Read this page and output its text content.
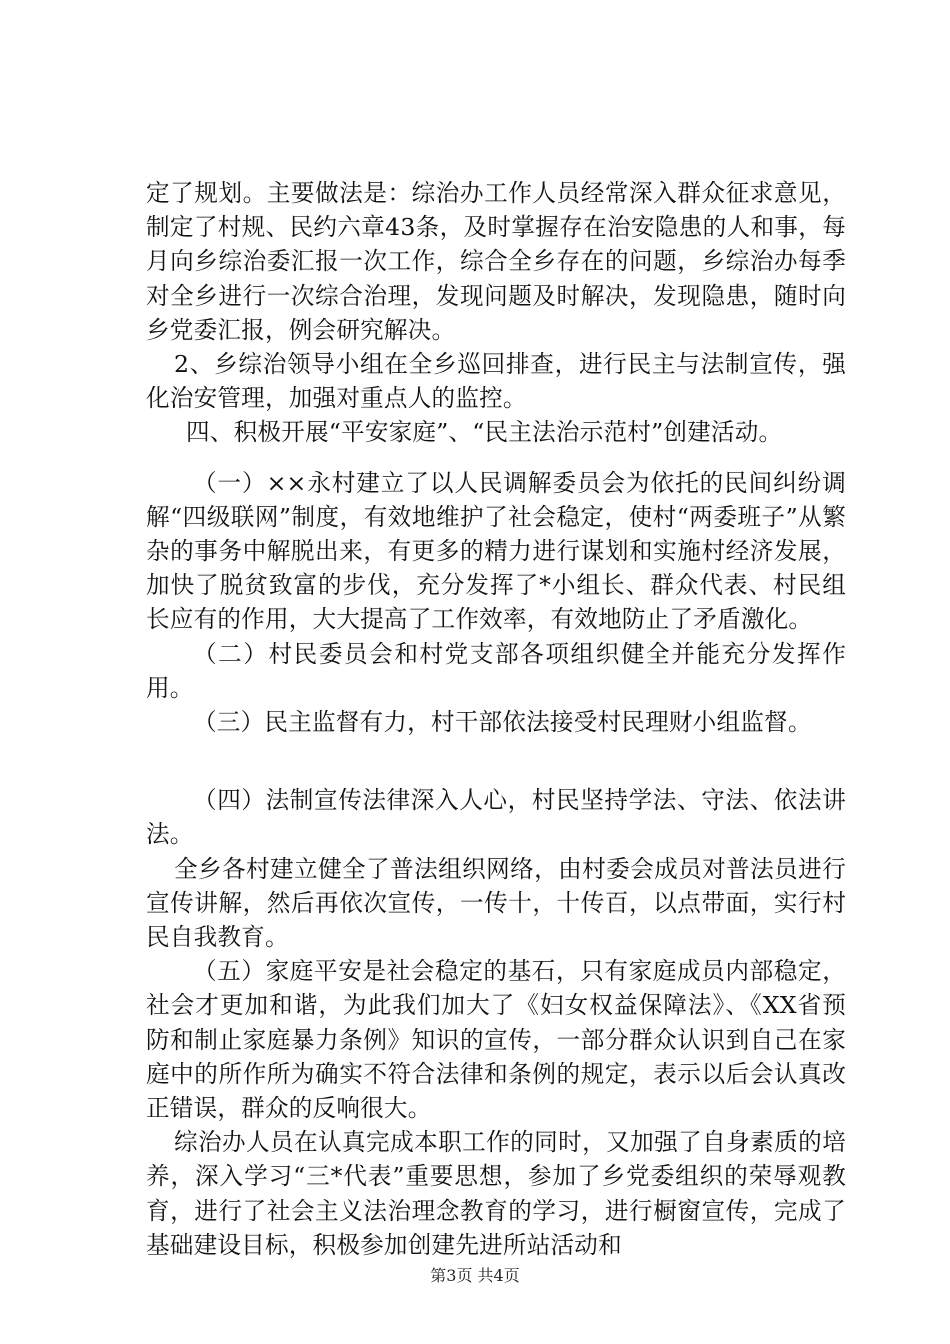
定了规划。主要做法是：综治办工作人员经常深入群众征求意见，制定了村规、民约六章43条，及时掌握存在治安隐患的人和事，每月向乡综治委汇报一次工作，综合全乡存在的问题，乡综治办每季对全乡进行一次综合治理，发现问题及时解决，发现隐患，随时向乡党委汇报，例会研究解决。

2、乡综治领导小组在全乡巡回排查，进行民主与法制宣传，强化治安管理，加强对重点人的监控。

四、积极开展“平安家庭”、“民主法治示范村”创建活动。

（一）××永村建立了以人民调解委员会为依托的民间纠纷调解“四级联网”制度，有效地维护了社会稳定，使村“两委班子”从繁杂的事务中解脱出来，有更多的精力进行谋划和实施村经济发展，加快了脱贫致富的步伐，充分发挥了*小组长、群众代表、村民组长应有的作用，大大提高了工作效率，有效地防止了矛盾激化。

（二）村民委员会和村党支部各项组织健全并能充分发挥作用。

（三）民主监督有力，村干部依法接受村民理财小组监督。

（四）法制宣传法律深入人心，村民坚持学法、守法、依法讲法。

全乡各村建立健全了普法组织网络，由村委会成员对普法员进行宣传讲解，然后再依次宣传，一传十，十传百，以点带面，实行村民自我教育。

（五）家庭平安是社会稳定的基石，只有家庭成员内部稳定，社会才更加和谐，为此我们加大了《妇女权益保障法》、《XX省预防和制止家庭暴力条例》知识的宣传，一部分群众认识到自己在家庭中的所作所为确实不符合法律和条例的规定，表示以后会认真改正错误，群众的反响很大。

综治办人员在认真完成本职工作的同时，又加强了自身素质的培养，深入学习“三*代表”重要思想，参加了乡党委组织的荣辱观教育，进行了社会主义法治理念教育的学习，进行橱窗宣传，完成了基础建设目标，积极参加创建先进所站活动和

第3页 共4页
